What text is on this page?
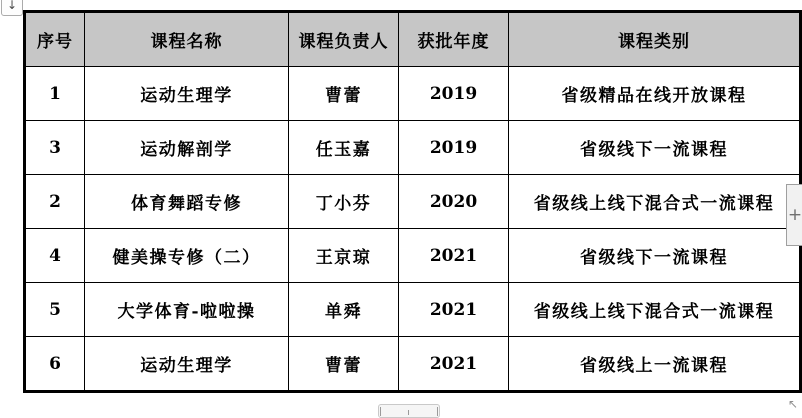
↓
序号	课程名称	课程负责人	获批年度	课程类别
1	运动生理学	曹蕾	2019	省级精品在线开放课程
3	运动解剖学	任玉嘉	2019	省级线下一流课程
2	体育舞蹈专修	丁小芬	2020	省级线上线下混合式一流课程
4	健美操专修（二）	王京琼	2021	省级线下一流课程
5	大学体育-啦啦操	单舜	2021	省级线上线下混合式一流课程
6	运动生理学	曹蕾	2021	省级线上一流课程
+
↖
